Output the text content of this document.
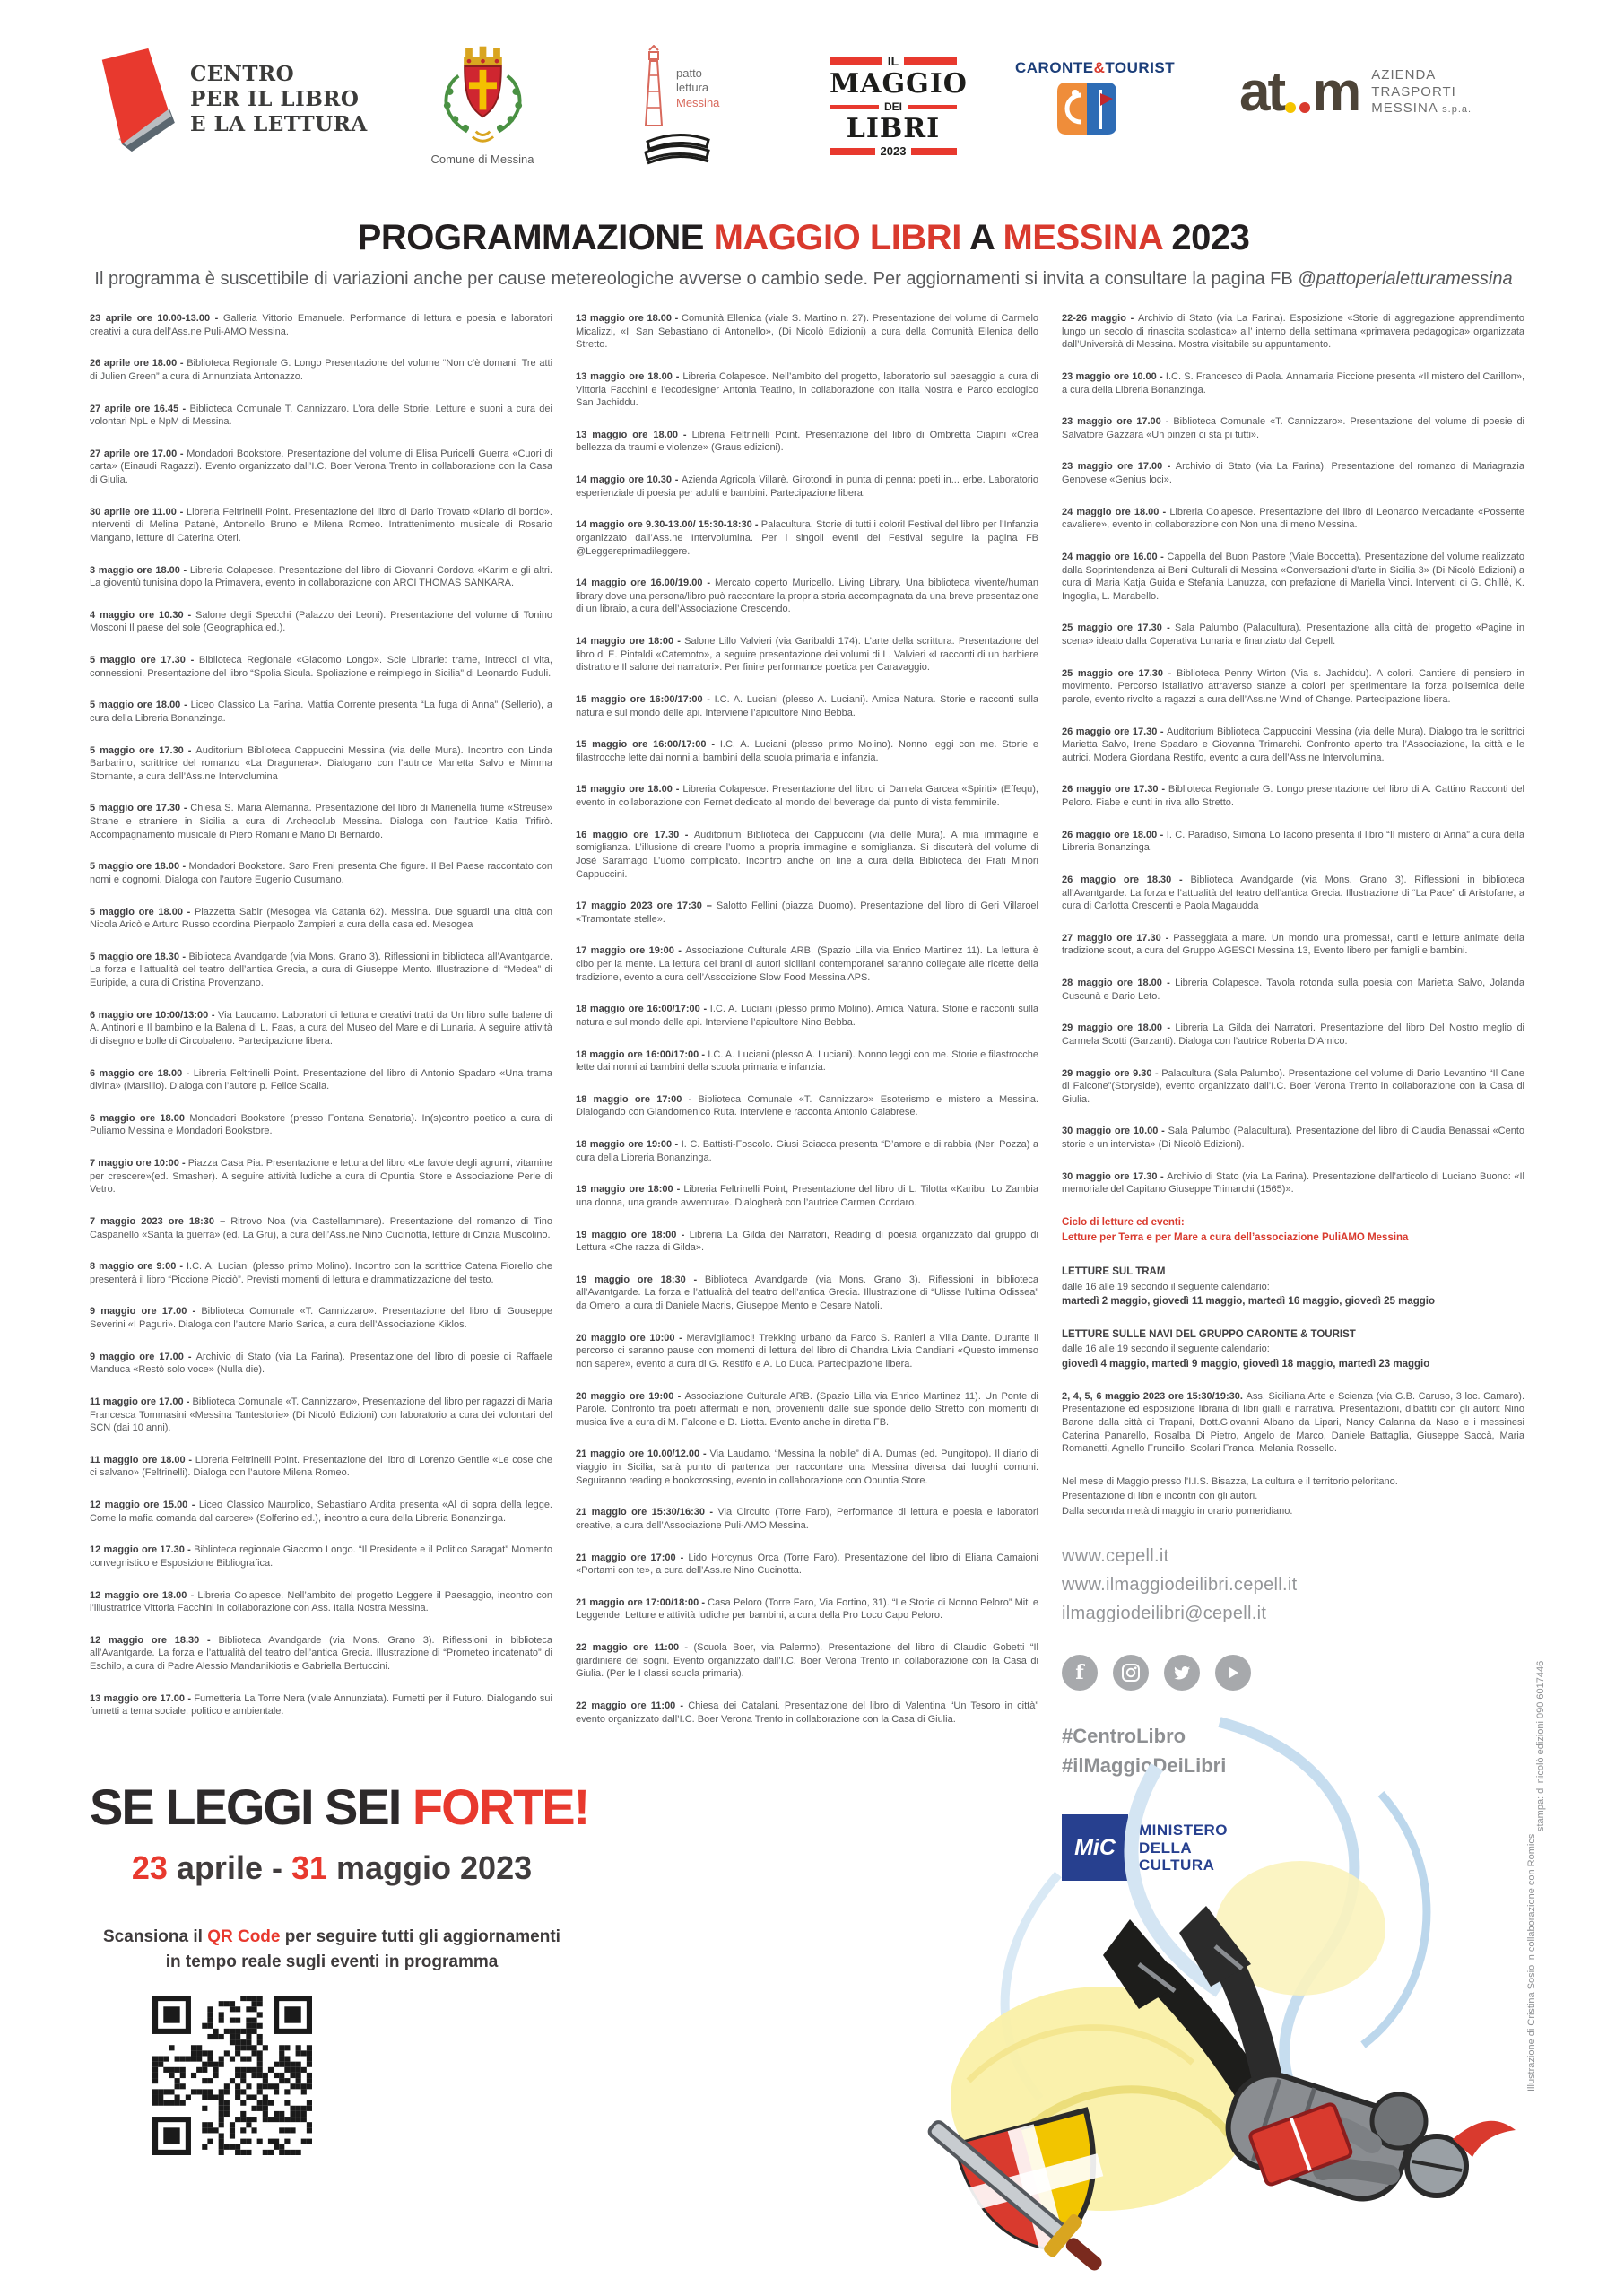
CENTRO
PER IL LIBRO
E LA LETTURA
Comune di Messina
patto
lettura
Messina
IL
MAGGIO
DEI
LIBRI
2023
CARONTE&TOURIST at m AZIENDA
TRASPORTI
MESSINA s.p.a.
PROGRAMMAZIONE MAGGIO LIBRI A MESSINA 2023
Il programma è suscettibile di variazioni anche per cause metereologiche avverse o cambio sede. Per aggiornamenti si invita a consultare la pagina FB @pattoperlaletturamessina

23 aprile ore 10.00-13.00 - Galleria Vittorio Emanuele. Performance di lettura e poesia e laboratori creativi a cura dell’Ass.ne Puli-AMO Messina.

26 aprile ore 18.00 - Biblioteca Regionale G. Longo Presentazione del volume “Non c’è domani. Tre atti di Julien Green” a cura di Annunziata Antonazzo.

27 aprile ore 16.45 - Biblioteca Comunale T. Cannizzaro. L’ora delle Storie. Letture e suoni a cura dei volontari NpL e NpM di Messina.

27 aprile ore 17.00 - Mondadori Bookstore. Presentazione del volume di Elisa Puricelli Guerra «Cuori di carta» (Einaudi Ragazzi). Evento organizzato dall’I.C. Boer Verona Trento in collaborazione con la Casa di Giulia.

30 aprile ore 11.00 - Libreria Feltrinelli Point. Presentazione del libro di Dario Trovato «Diario di bordo». Interventi di Melina Patanè, Antonello Bruno e Milena Romeo. Intrattenimento musicale di Rosario Mangano, letture di Caterina Oteri.

3 maggio ore 18.00 - Libreria Colapesce. Presentazione del libro di Giovanni Cordova «Karim e gli altri. La gioventù tunisina dopo la Primavera, evento in collaborazione con ARCI THOMAS SANKARA.

4 maggio ore 10.30 - Salone degli Specchi (Palazzo dei Leoni). Presentazione del volume di Tonino Mosconi Il paese del sole (Geographica ed.).

5 maggio ore 17.30 - Biblioteca Regionale «Giacomo Longo». Scie Librarie: trame, intrecci di vita, connessioni. Presentazione del libro “Spolia Sicula. Spoliazione e reimpiego in Sicilia” di Leonardo Fuduli.

5 maggio ore 18.00 - Liceo Classico La Farina. Mattia Corrente presenta “La fuga di Anna” (Sellerio), a cura della Libreria Bonanzinga.

5 maggio ore 17.30 - Auditorium Biblioteca Cappuccini Messina (via delle Mura). Incontro con Linda Barbarino, scrittrice del romanzo «La Dragunera». Dialogano con l’autrice Marietta Salvo e Mimma Stornante, a cura dell’Ass.ne Intervolumina

5 maggio ore 17.30 - Chiesa S. Maria Alemanna. Presentazione del libro di Marienella fiume «Streuse» Strane e straniere in Sicilia a cura di Archeoclub Messina. Dialoga con l’autrice Katia Trifirò. Accompagnamento musicale di Piero Romani e Mario Di Bernardo.

5 maggio ore 18.00 - Mondadori Bookstore. Saro Freni presenta Che figure. Il Bel Paese raccontato con nomi e cognomi. Dialoga con l’autore Eugenio Cusumano.

5 maggio ore 18.00 - Piazzetta Sabir (Mesogea via Catania 62). Messina. Due sguardi una città con Nicola Aricò e Arturo Russo coordina Pierpaolo Zampieri a cura della casa ed. Mesogea

5 maggio ore 18.30 - Biblioteca Avandgarde (via Mons. Grano 3). Riflessioni in biblioteca all’Avantgarde. La forza e l’attualità del teatro dell’antica Grecia, a cura di Giuseppe Mento. Illustrazione di “Medea” di Euripide, a cura di Cristina Provenzano.

6 maggio ore 10:00/13:00 - Via Laudamo. Laboratori di lettura e creativi tratti da Un libro sulle balene di A. Antinori e Il bambino e la Balena di L. Faas, a cura del Museo del Mare e di Lunaria. A seguire attività di disegno e bolle di Circobaleno. Partecipazione libera.

6 maggio ore 18.00 - Libreria Feltrinelli Point. Presentazione del libro di Antonio Spadaro «Una trama divina» (Marsilio). Dialoga con l’autore p. Felice Scalia.

6 maggio ore 18.00 Mondadori Bookstore (presso Fontana Senatoria). In(s)contro poetico a cura di Puliamo Messina e Mondadori Bookstore.

7 maggio ore 10:00 - Piazza Casa Pia. Presentazione e lettura del libro «Le favole degli agrumi, vitamine per crescere»(ed. Smasher). A seguire attività ludiche a cura di Opuntia Store e Associazione Perle di Vetro.

7 maggio 2023 ore 18:30 – Ritrovo Noa (via Castellammare). Presentazione del romanzo di Tino Caspanello «Santa la guerra» (ed. La Gru), a cura dell’Ass.ne Nino Cucinotta, letture di Cinzia Muscolino.

8 maggio ore 9:00 - I.C. A. Luciani (plesso primo Molino). Incontro con la scrittrice Catena Fiorello che presenterà il libro “Piccione Picciò”. Previsti momenti di lettura e drammatizzazione del testo.

9 maggio ore 17.00 - Biblioteca Comunale «T. Cannizzaro». Presentazione del libro di Gouseppe Severini «I Paguri». Dialoga con l’autore Mario Sarica, a cura dell’Associazione Kiklos.

9 maggio ore 17.00 - Archivio di Stato (via La Farina). Presentazione del libro di poesie di Raffaele Manduca «Restò solo voce» (Nulla die).

11 maggio ore 17.00 - Biblioteca Comunale «T. Cannizzaro», Presentazione del libro per ragazzi di Maria Francesca Tommasini «Messina Tantestorie» (Di Nicolò Edizioni) con laboratorio a cura dei volontari del SCN (dai 10 anni).

11 maggio ore 18.00 - Libreria Feltrinelli Point. Presentazione del libro di Lorenzo Gentile «Le cose che ci salvano» (Feltrinelli). Dialoga con l’autore Milena Romeo.

12 maggio ore 15.00 - Liceo Classico Maurolico, Sebastiano Ardita presenta «Al di sopra della legge. Come la mafia comanda dal carcere» (Solferino ed.), incontro a cura della Libreria Bonanzinga.

12 maggio ore 17.30 - Biblioteca regionale Giacomo Longo. “Il Presidente e il Politico Saragat” Momento convegnistico e Esposizione Bibliografica.

12 maggio ore 18.00 - Libreria Colapesce. Nell’ambito del progetto Leggere il Paesaggio, incontro con l’illustratrice Vittoria Facchini in collaborazione con Ass. Italia Nostra Messina.

12 maggio ore 18.30 - Biblioteca Avandgarde (via Mons. Grano 3). Riflessioni in biblioteca all’Avantgarde. La forza e l’attualità del teatro dell’antica Grecia. Illustrazione di “Prometeo incatenato” di Eschilo, a cura di Padre Alessio Mandanikiotis e Gabriella Bertuccini.

13 maggio ore 17.00 - Fumetteria La Torre Nera (viale Annunziata). Fumetti per il Futuro. Dialogando sui fumetti a tema sociale, politico e ambientale.

13 maggio ore 18.00 - Comunità Ellenica (viale S. Martino n. 27). Presentazione del volume di Carmelo Micalizzi, «Il San Sebastiano di Antonello», (Di Nicolò Edizioni) a cura della Comunità Ellenica dello Stretto.

13 maggio ore 18.00 - Libreria Colapesce. Nell’ambito del progetto, laboratorio sul paesaggio a cura di Vittoria Facchini e l’ecodesigner Antonia Teatino, in collaborazione con Italia Nostra e Parco ecologico San Jachiddu.

13 maggio ore 18.00 - Libreria Feltrinelli Point. Presentazione del libro di Ombretta Ciapini «Crea bellezza da traumi e violenze» (Graus edizioni).

14 maggio ore 10.30 - Azienda Agricola Villarè. Girotondi in punta di penna: poeti in... erbe. Laboratorio esperienziale di poesia per adulti e bambini. Partecipazione libera.

14 maggio ore 9.30-13.00/ 15:30-18:30 - Palacultura. Storie di tutti i colori! Festival del libro per l’Infanzia organizzato dall’Ass.ne Intervolumina. Per i singoli eventi del Festival seguire la pagina FB @Leggereprimadileggere.

14 maggio ore 16.00/19.00 - Mercato coperto Muricello. Living Library. Una biblioteca vivente/human library dove una persona/libro può raccontare la propria storia accompagnata da una breve presentazione di un libraio, a cura dell’Associazione Crescendo.

14 maggio ore 18:00 - Salone Lillo Valvieri (via Garibaldi 174). L’arte della scrittura. Presentazione del libro di E. Pintaldi «Catemoto», a seguire presentazione dei volumi di L. Valvieri «I racconti di un barbiere distratto e Il salone dei narratori». Per finire performance poetica per Caravaggio.

15 maggio ore 16:00/17:00 - I.C. A. Luciani (plesso A. Luciani). Amica Natura. Storie e racconti sulla natura e sul mondo delle api. Interviene l’apicultore Nino Bebba.

15 maggio ore 16:00/17:00 - I.C. A. Luciani (plesso primo Molino). Nonno leggi con me. Storie e filastrocche lette dai nonni ai bambini della scuola primaria e infanzia.

15 maggio ore 18.00 - Libreria Colapesce. Presentazione del libro di Daniela Garcea «Spiriti» (Effequ), evento in collaborazione con Fernet dedicato al mondo del beverage dal punto di vista femminile.

16 maggio ore 17.30 - Auditorium Biblioteca dei Cappuccini (via delle Mura). A mia immagine e somiglianza. L’illusione di creare l’uomo a propria immagine e somiglianza. Si discuterà del volume di Josè Saramago L’uomo complicato. Incontro anche on line a cura della Biblioteca dei Frati Minori Cappuccini.

17 maggio 2023 ore 17:30 – Salotto Fellini (piazza Duomo). Presentazione del libro di Geri Villaroel «Tramontate stelle».

17 maggio ore 19:00 - Associazione Culturale ARB. (Spazio Lilla via Enrico Martinez 11). La lettura è cibo per la mente. La lettura dei brani di autori siciliani contemporanei saranno collegate alle ricette della tradizione, evento a cura dell’Associzione Slow Food Messina APS.

18 maggio ore 16:00/17:00 - I.C. A. Luciani (plesso primo Molino). Amica Natura. Storie e racconti sulla natura e sul mondo delle api. Interviene l’apicultore Nino Bebba.

18 maggio ore 16:00/17:00 - I.C. A. Luciani (plesso A. Luciani). Nonno leggi con me. Storie e filastrocche lette dai nonni ai bambini della scuola primaria e infanzia.

18 maggio ore 17:00 - Biblioteca Comunale «T. Cannizzaro» Esoterismo e mistero a Messina. Dialogando con Giandomenico Ruta. Interviene e racconta Antonio Calabrese.

18 maggio ore 19:00 - I. C. Battisti-Foscolo. Giusi Sciacca presenta “D’amore e di rabbia (Neri Pozza) a cura della Libreria Bonanzinga.

19 maggio ore 18:00 - Libreria Feltrinelli Point, Presentazione del libro di L. Tilotta «Karibu. Lo Zambia una donna, una grande avventura». Dialogherà con l’autrice Carmen Cordaro.

19 maggio ore 18:00 - Libreria La Gilda dei Narratori, Reading di poesia organizzato dal gruppo di Lettura «Che razza di Gilda».

19 maggio ore 18:30 - Biblioteca Avandgarde (via Mons. Grano 3). Riflessioni in biblioteca all’Avantgarde. La forza e l’attualità del teatro dell’antica Grecia. Illustrazione di “Ulisse l’ultima Odissea” da Omero, a cura di Daniele Macris, Giuseppe Mento e Cesare Natoli.

20 maggio ore 10:00 - Meravigliamoci! Trekking urbano da Parco S. Ranieri a Villa Dante. Durante il percorso ci saranno pause con momenti di lettura del libro di Chandra Livia Candiani «Questo immenso non sapere», evento a cura di G. Restifo e A. Lo Duca. Partecipazione libera.

20 maggio ore 19:00 - Associazione Culturale ARB. (Spazio Lilla via Enrico Martinez 11). Un Ponte di Parole. Confronto tra poeti affermati e non, provenienti dalle sue sponde dello Stretto con momenti di musica live a cura di M. Falcone e D. Liotta. Evento anche in diretta FB.

21 maggio ore 10.00/12.00 - Via Laudamo. “Messina la nobile” di A. Dumas (ed. Pungitopo). Il diario di viaggio in Sicilia, sarà punto di partenza per raccontare una Messina diversa dai luoghi comuni. Seguiranno reading e bookcrossing, evento in collaborazione con Opuntia Store.

21 maggio ore 15:30/16:30 - Via Circuito (Torre Faro), Performance di lettura e poesia e laboratori creative, a cura dell’Associazione Puli-AMO Messina.

21 maggio ore 17:00 - Lido Horcynus Orca (Torre Faro). Presentazione del libro di Eliana Camaioni «Portami con te», a cura dell’Ass.re Nino Cucinotta.

21 maggio ore 17:00/18:00 - Casa Peloro (Torre Faro, Via Fortino, 31). “Le Storie di Nonno Peloro” Miti e Leggende. Letture e attività ludiche per bambini, a cura della Pro Loco Capo Peloro.

22 maggio ore 11:00 - (Scuola Boer, via Palermo). Presentazione del libro di Claudio Gobetti “Il giardiniere dei sogni. Evento organizzato dall’I.C. Boer Verona Trento in collaborazione con la Casa di Giulia. (Per le I classi scuola primaria).

22 maggio ore 11:00 - Chiesa dei Catalani. Presentazione del libro di Valentina “Un Tesoro in città” evento organizzato dall’I.C. Boer Verona Trento in collaborazione con la Casa di Giulia.

22-26 maggio - Archivio di Stato (via La Farina). Esposizione «Storie di aggregazione apprendimento lungo un secolo di rinascita scolastica» all’ interno della settimana «primavera pedagogica» organizzata dall’Università di Messina. Mostra visitabile su appuntamento.

23 maggio ore 10.00 - I.C. S. Francesco di Paola. Annamaria Piccione presenta «Il mistero del Carillon», a cura della Libreria Bonanzinga.

23 maggio ore 17.00 - Biblioteca Comunale «T. Cannizzaro». Presentazione del volume di poesie di Salvatore Gazzara «Un pinzeri ci sta pi tutti».

23 maggio ore 17.00 - Archivio di Stato (via La Farina). Presentazione del romanzo di Mariagrazia Genovese «Genius loci».

24 maggio ore 18.00 - Libreria Colapesce. Presentazione del libro di Leonardo Mercadante «Possente cavaliere», evento in collaborazione con Non una di meno Messina.

24 maggio ore 16.00 - Cappella del Buon Pastore (Viale Boccetta). Presentazione del volume realizzato dalla Soprintendenza ai Beni Culturali di Messina «Conversazioni d’arte in Sicilia 3» (Di Nicolò Edizioni) a cura di Maria Katja Guida e Stefania Lanuzza, con prefazione di Mariella Vinci. Interventi di G. Chillè, K. Ingoglia, L. Marabello.

25 maggio ore 17.30 - Sala Palumbo (Palacultura). Presentazione alla città del progetto «Pagine in scena» ideato dalla Coperativa Lunaria e finanziato dal Cepell.

25 maggio ore 17.30 - Biblioteca Penny Wirton (Via s. Jachiddu). A colori. Cantiere di pensiero in movimento. Percorso istallativo attraverso stanze a colori per sperimentare la forza polisemica delle parole, evento rivolto a ragazzi a cura dell’Ass.ne Wind of Change. Partecipazione libera.

26 maggio ore 17.30 - Auditorium Biblioteca Cappuccini Messina (via delle Mura). Dialogo tra le scrittrici Marietta Salvo, Irene Spadaro e Giovanna Trimarchi. Confronto aperto tra l’Associazione, la città e le autrici. Modera Giordana Restifo, evento a cura dell’Ass.ne Intervolumina.

26 maggio ore 17.30 - Biblioteca Regionale G. Longo presentazione del libro di A. Cattino Racconti del Peloro. Fiabe e cunti in riva allo Stretto.

26 maggio ore 18.00 - I. C. Paradiso, Simona Lo Iacono presenta il libro “Il mistero di Anna” a cura della Libreria Bonanzinga.

26 maggio ore 18.30 - Biblioteca Avandgarde (via Mons. Grano 3). Riflessioni in biblioteca all’Avantgarde. La forza e l’attualità del teatro dell’antica Grecia. Illustrazione di “La Pace” di Aristofane, a cura di Carlotta Crescenti e Paola Magaudda

27 maggio ore 17.30 - Passeggiata a mare. Un mondo una promessa!, canti e letture animate della tradizione scout, a cura del Gruppo AGESCI Messina 13, Evento libero per famigli e bambini.

28 maggio ore 18.00 - Libreria Colapesce. Tavola rotonda sulla poesia con Marietta Salvo, Jolanda Cuscunà e Dario Leto.

29 maggio ore 18.00 - Libreria La Gilda dei Narratori. Presentazione del libro Del Nostro meglio di Carmela Scotti (Garzanti). Dialoga con l’autrice Roberta D’Amico.

29 maggio ore 9.30 - Palacultura (Sala Palumbo). Presentazione del volume di Dario Levantino “Il Cane di Falcone”(Storyside), evento organizzato dall’I.C. Boer Verona Trento in collaborazione con la Casa di Giulia.

30 maggio ore 10.00 - Sala Palumbo (Palacultura). Presentazione del libro di Claudia Benassai «Cento storie e un intervista» (Di Nicolò Edizioni).

30 maggio ore 17.30 - Archivio di Stato (via La Farina). Presentazione dell’articolo di Luciano Buono: «Il memoriale del Capitano Giuseppe Trimarchi (1565)».

Ciclo di letture ed eventi:
Letture per Terra e per Mare a cura dell’associazione PuliAMO Messina
LETTURE SUL TRAM
dalle 16 alle 19 secondo il seguente calendario:
martedì 2 maggio, giovedì 11 maggio, martedì 16 maggio, giovedì 25 maggio
LETTURE SULLE NAVI DEL GRUPPO CARONTE & TOURIST
dalle 16 alle 19 secondo il seguente calendario:
giovedì 4 maggio, martedì 9 maggio, giovedì 18 maggio, martedì 23 maggio

2, 4, 5, 6 maggio 2023 ore 15:30/19:30. Ass. Siciliana Arte e Scienza (via G.B. Caruso, 3 loc. Camaro). Presentazione ed esposizione libraria di libri gialli e narrativa. Presentazioni, dibattiti con gli autori: Nino Barone dalla città di Trapani, Dott.Giovanni Albano da Lipari, Nancy Calanna da Naso e i messinesi Caterina Panarello, Rosalba Di Pietro, Angelo de Marco, Daniele Battaglia, Giuseppe Saccà, Maria Romanetti, Agnello Fruncillo, Scolari Franca, Melania Rossello.

Nel mese di Maggio presso l’I.I.S. Bisazza, La cultura e il territorio peloritano.

Presentazione di libri e incontri con gli autori.

Dalla seconda metà di maggio in orario pomeridiano.

www.cepell.it
www.ilmaggiodeilibri.cepell.it
ilmaggiodeilibri@cepell.it
f
#CentroLibro
#ilMaggioDeiLibri
MiC
MINISTERO
DELLA
CULTURA
SE LEGGI SEI FORTE!
23 aprile - 31 maggio 2023
Scansiona il QR Code per seguire tutti gli aggiornamenti
in tempo reale sugli eventi in programma
stampa: di nicolò edizioni 090 6017446
Illustrazione di Cristina Sosio in collaborazione con Romics
